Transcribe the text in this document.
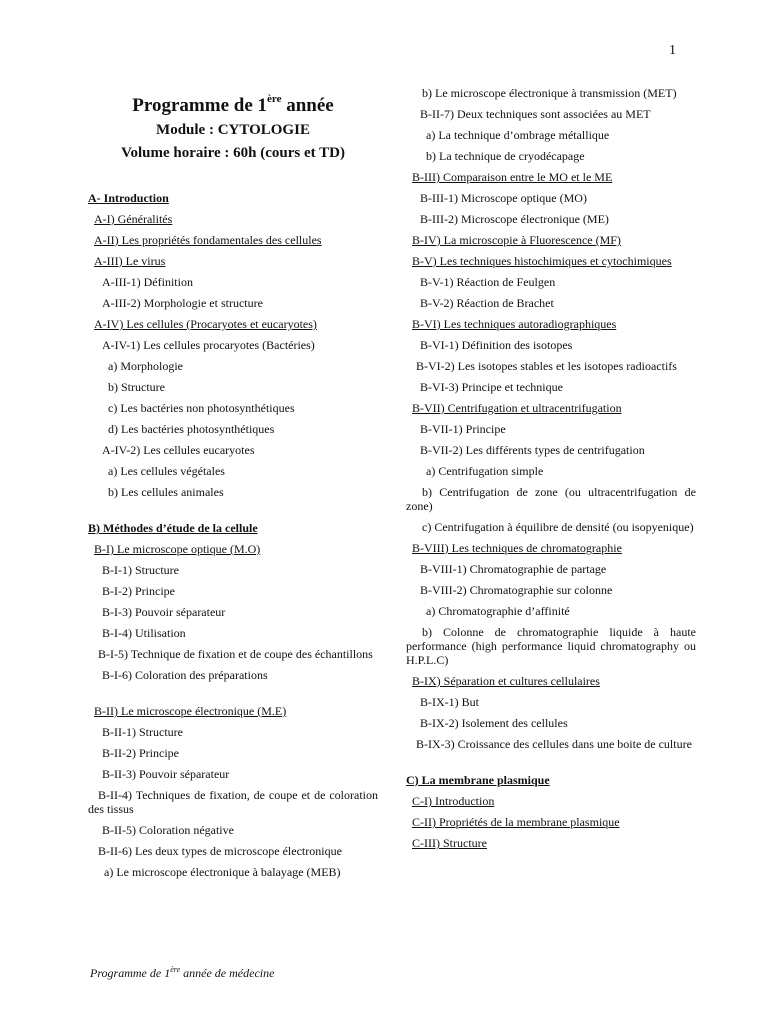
1
Programme de 1ère année
Module : CYTOLOGIE
Volume horaire : 60h (cours et TD)
A- Introduction
A-I) Généralités
A-II) Les propriétés fondamentales des cellules
A-III) Le virus
A-III-1) Définition
A-III-2) Morphologie et structure
A-IV) Les cellules (Procaryotes et eucaryotes)
A-IV-1) Les cellules procaryotes (Bactéries)
a) Morphologie
b) Structure
c) Les bactéries non photosynthétiques
d) Les bactéries photosynthétiques
A-IV-2) Les cellules eucaryotes
a) Les cellules végétales
b) Les cellules animales
B) Méthodes d’étude de la cellule
B-I) Le microscope optique (M.O)
B-I-1) Structure
B-I-2) Principe
B-I-3) Pouvoir séparateur
B-I-4) Utilisation
B-I-5) Technique de fixation et de coupe des échantillons
B-I-6) Coloration des préparations
B-II) Le microscope électronique (M.E)
B-II-1) Structure
B-II-2) Principe
B-II-3) Pouvoir séparateur
B-II-4) Techniques de fixation, de coupe et de coloration des tissus
B-II-5) Coloration négative
B-II-6) Les deux types de microscope électronique
a) Le microscope électronique à balayage (MEB)
b) Le microscope électronique à transmission (MET)
B-II-7) Deux techniques sont associées au MET
a) La technique d’ombrage métallique
b) La technique de cryodécapage
B-III) Comparaison entre le MO et le ME
B-III-1) Microscope optique (MO)
B-III-2) Microscope électronique (ME)
B-IV) La microscopie à Fluorescence (MF)
B-V) Les techniques histochimiques et cytochimiques
B-V-1) Réaction de Feulgen
B-V-2) Réaction de Brachet
B-VI) Les techniques autoradiographiques
B-VI-1) Définition des isotopes
B-VI-2) Les isotopes stables et les isotopes radioactifs
B-VI-3) Principe et technique
B-VII) Centrifugation et ultracentrifugation
B-VII-1) Principe
B-VII-2) Les différents types de centrifugation
a) Centrifugation simple
b) Centrifugation de zone (ou ultracentrifugation de zone)
c) Centrifugation à équilibre de densité (ou isopyenique)
B-VIII) Les techniques de chromatographie
B-VIII-1) Chromatographie de partage
B-VIII-2) Chromatographie sur colonne
a) Chromatographie d’affinité
b) Colonne de chromatographie liquide à haute performance (high performance liquid chromatography ou H.P.L.C)
B-IX) Séparation et cultures cellulaires
B-IX-1) But
B-IX-2) Isolement des cellules
B-IX-3) Croissance des cellules dans une boite de culture
C) La membrane plasmique
C-I) Introduction
C-II) Propriétés de la membrane plasmique
C-III) Structure
Programme de 1ère année de médecine
